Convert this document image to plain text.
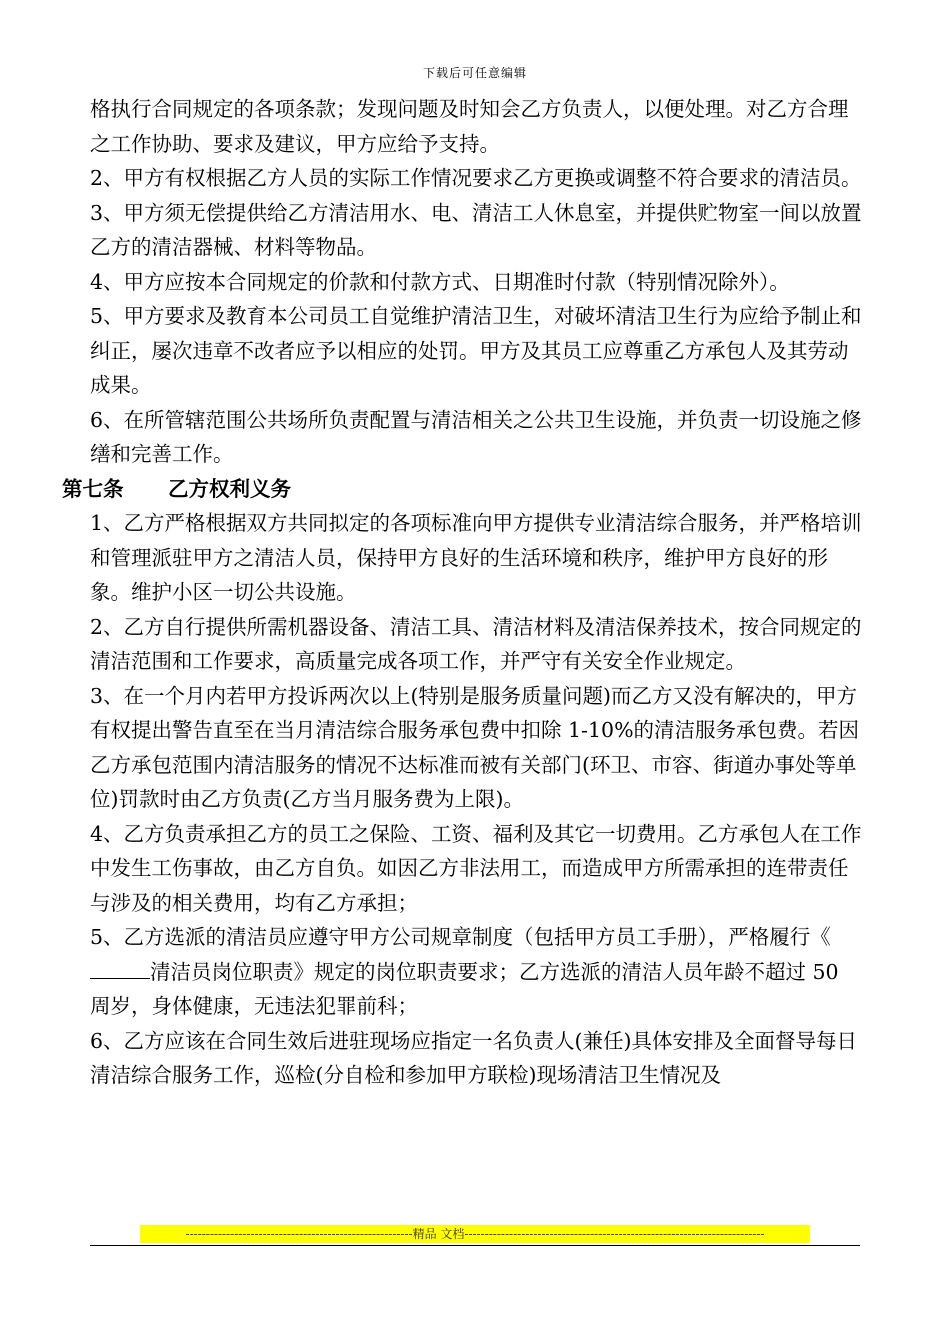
下载后可任意编辑

格执行合同规定的各项条款；发现问题及时知会乙方负责人，以便处理。对乙方合理之工作协助、要求及建议，甲方应给予支持。

2、甲方有权根据乙方人员的实际工作情况要求乙方更换或调整不符合要求的清洁员。

3、甲方须无偿提供给乙方清洁用水、电、清洁工人休息室，并提供贮物室一间以放置乙方的清洁器械、材料等物品。

4、甲方应按本合同规定的价款和付款方式、日期准时付款（特别情况除外）。

5、甲方要求及教育本公司员工自觉维护清洁卫生，对破坏清洁卫生行为应给予制止和纠正，屡次违章不改者应予以相应的处罚。甲方及其员工应尊重乙方承包人及其劳动成果。

6、在所管辖范围公共场所负责配置与清洁相关之公共卫生设施，并负责一切设施之修缮和完善工作。

第七条 乙方权利义务

1、乙方严格根据双方共同拟定的各项标准向甲方提供专业清洁综合服务，并严格培训和管理派驻甲方之清洁人员，保持甲方良好的生活环境和秩序，维护甲方良好的形象。维护小区一切公共设施。

2、乙方自行提供所需机器设备、清洁工具、清洁材料及清洁保养技术，按合同规定的清洁范围和工作要求，高质量完成各项工作，并严守有关安全作业规定。

3、在一个月内若甲方投诉两次以上(特别是服务质量问题)而乙方又没有解决的，甲方有权提出警告直至在当月清洁综合服务承包费中扣除 1-10%的清洁服务承包费。若因乙方承包范围内清洁服务的情况不达标准而被有关部门(环卫、市容、街道办事处等单位)罚款时由乙方负责(乙方当月服务费为上限)。

4、乙方负责承担乙方的员工之保险、工资、福利及其它一切费用。乙方承包人在工作中发生工伤事故，由乙方自负。如因乙方非法用工，而造成甲方所需承担的连带责任与涉及的相关费用，均有乙方承担；

5、乙方选派的清洁员应遵守甲方公司规章制度（包括甲方员工手册），严格履行《清洁员岗位职责》规定的岗位职责要求；乙方选派的清洁人员年龄不超过 50 周岁，身体健康，无违法犯罪前科；

6、乙方应该在合同生效后进驻现场应指定一名负责人(兼任)具体安排及全面督导每日清洁综合服务工作，巡检(分自检和参加甲方联检)现场清洁卫生情况及

--------------------------------------------------------精品 文档--------------------------------------------------------------------------
